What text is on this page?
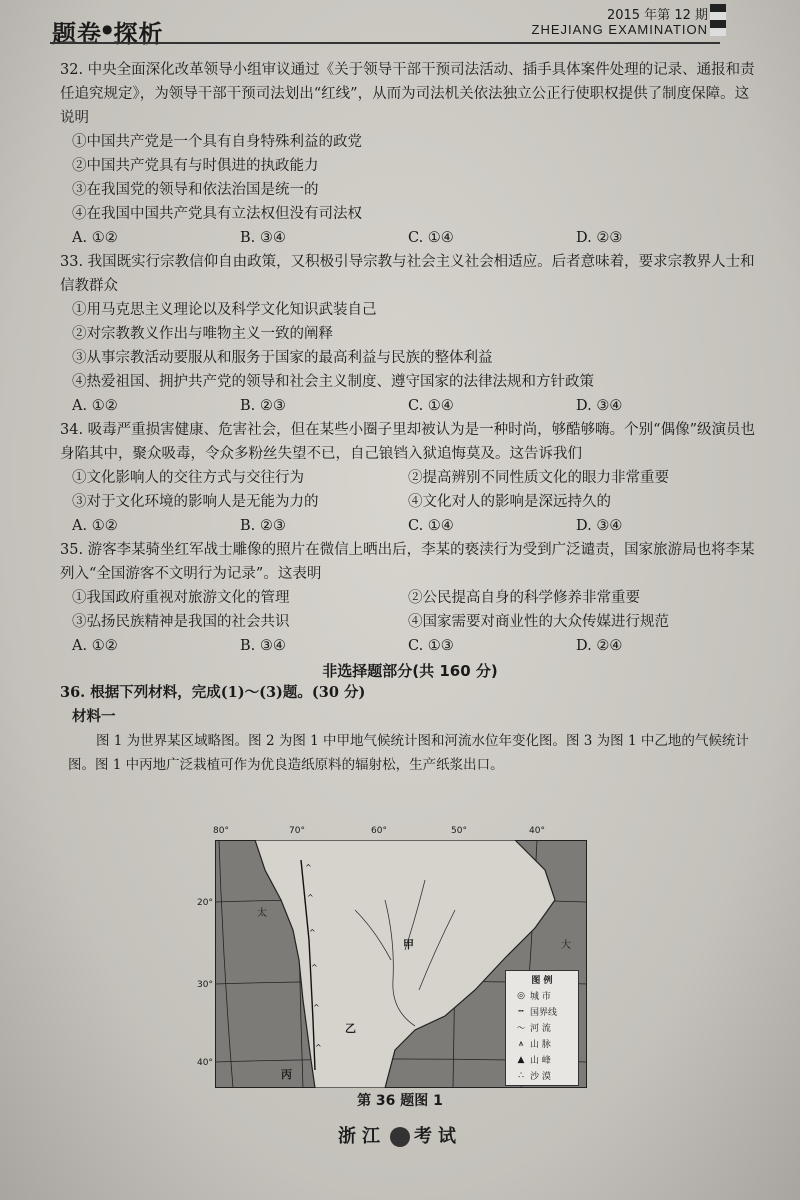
题卷●探析
2015 年第 12 期
ZHEJIANG EXAMINATION
32. 中央全面深化改革领导小组审议通过《关于领导干部干预司法活动、插手具体案件处理的记录、通报和责任追究规定》，为领导干部干预司法划出“红线”，从而为司法机关依法独立公正行使职权提供了制度保障。这说明
①中国共产党是一个具有自身特殊利益的政党
②中国共产党具有与时俱进的执政能力
③在我国党的领导和依法治国是统一的
④在我国中国共产党具有立法权但没有司法权
A. ①②	B. ③④	C. ①④	D. ②③
33. 我国既实行宗教信仰自由政策，又积极引导宗教与社会主义社会相适应。后者意味着，要求宗教界人士和信教群众
①用马克思主义理论以及科学文化知识武装自己
②对宗教教义作出与唯物主义一致的阐释
③从事宗教活动要服从和服务于国家的最高利益与民族的整体利益
④热爱祖国、拥护共产党的领导和社会主义制度、遵守国家的法律法规和方针政策
A. ①②	B. ②③	C. ①④	D. ③④
34. 吸毒严重损害健康、危害社会，但在某些小圈子里却被认为是一种时尚，够酷够嗨。个别“偶像”级演员也身陷其中，聚众吸毒，令众多粉丝失望不已，自己锒铛入狱追悔莫及。这告诉我们
①文化影响人的交往方式与交往行为	②提高辨别不同性质文化的眼力非常重要
③对于文化环境的影响人是无能为力的	④文化对人的影响是深远持久的
A. ①②	B. ②③	C. ①④	D. ③④
35. 游客李某骑坐红军战士雕像的照片在微信上晒出后，李某的亵渎行为受到广泛谴责，国家旅游局也将李某列入“全国游客不文明行为记录”。这表明
①我国政府重视对旅游文化的管理	②公民提高自身的科学修养非常重要
③弘扬民族精神是我国的社会共识	④国家需要对商业性的大众传媒进行规范
A. ①②	B. ③④	C. ①③	D. ②④
非选择题部分(共 160 分)
36. 根据下列材料，完成(1)～(3)题。(30 分)
材料一
图 1 为世界某区域略图。图 2 为图 1 中甲地气候统计图和河流水位年变化图。图 3 为图 1 中乙地的气候统计图。图 1 中丙地广泛栽植可作为优良造纸原料的辐射松，生产纸浆出口。
80°	70°	60°	50°	40°
20°
30°
40°
^
^
^
^
^
^
太
大
甲
乙
丙
图 例
◎ 城 市
┅ 国界线
～ 河 流
⩚ 山 脉
▲ 山 峰
∴ 沙 漠
第 36 题图 1
浙江 考试
